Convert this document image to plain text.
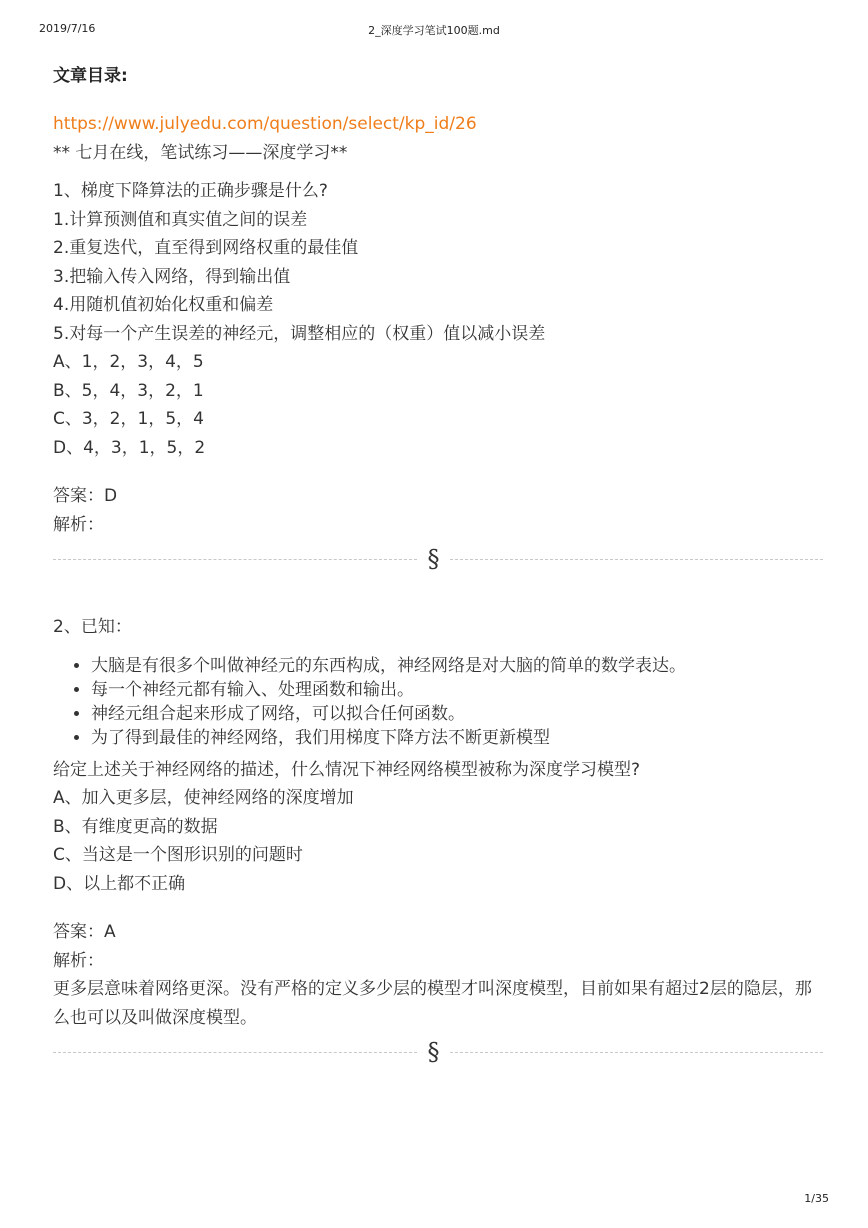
2019/7/16	2_深度学习笔试100题.md
文章目录:
https://www.julyedu.com/question/select/kp_id/26
** 七月在线，笔试练习——深度学习**
1、梯度下降算法的正确步骤是什么?
1.计算预测值和真实值之间的误差
2.重复迭代，直至得到网络权重的最佳值
3.把输入传入网络，得到输出值
4.用随机值初始化权重和偏差
5.对每一个产生误差的神经元，调整相应的（权重）值以减小误差
A、1，2，3，4，5
B、5，4，3，2，1
C、3，2，1，5，4
D、4，3，1，5，2
答案：D
解析：
§
2、已知：
• 大脑是有很多个叫做神经元的东西构成，神经网络是对大脑的简单的数学表达。
• 每一个神经元都有输入、处理函数和输出。
• 神经元组合起来形成了网络，可以拟合任何函数。
• 为了得到最佳的神经网络，我们用梯度下降方法不断更新模型
给定上述关于神经网络的描述，什么情况下神经网络模型被称为深度学习模型?
A、加入更多层，使神经网络的深度增加
B、有维度更高的数据
C、当这是一个图形识别的问题时
D、以上都不正确
答案：A
解析：
更多层意味着网络更深。没有严格的定义多少层的模型才叫深度模型，目前如果有超过2层的隐层，那么也可以及叫做深度模型。
§
1/35
